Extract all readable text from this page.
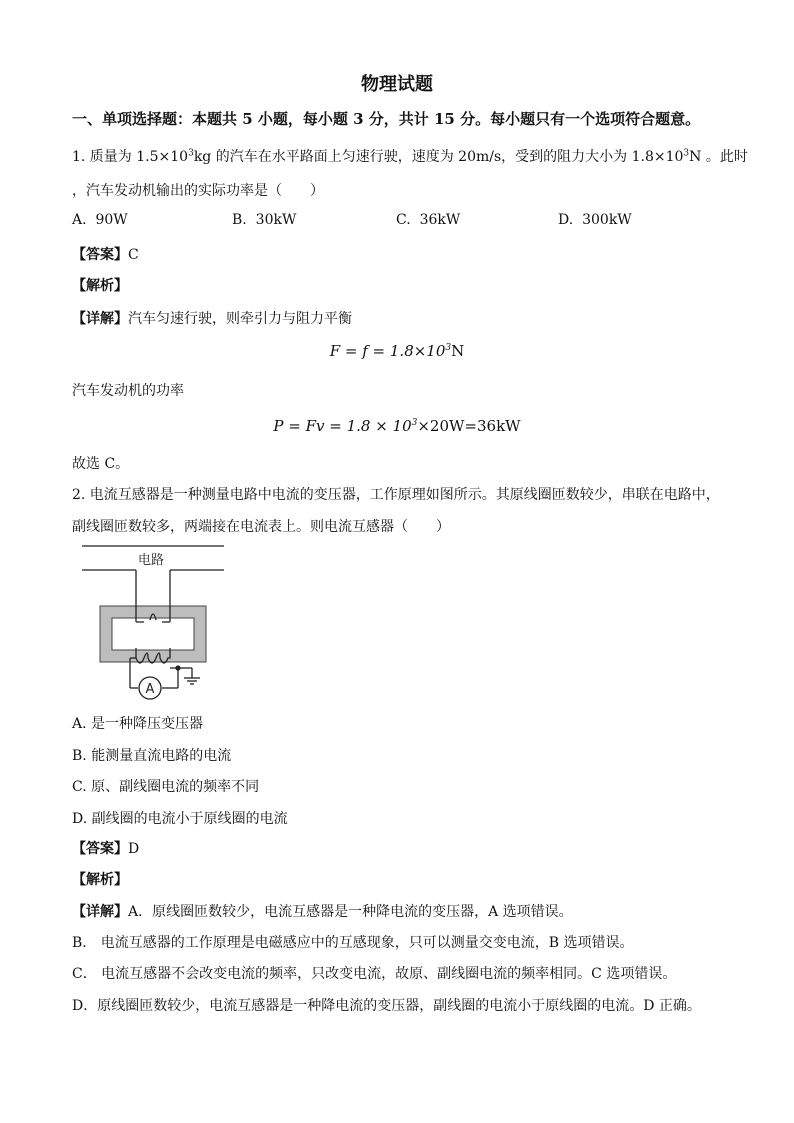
物理试题
一、单项选择题：本题共 5 小题，每小题 3 分，共计 15 分。每小题只有一个选项符合题意。
1. 质量为 $1.5\times 10^3kg$ 的汽车在水平路面上匀速行驶，速度为 20m/s，受到的阻力大小为 $1.8\times 10^3N$ 。此时
，汽车发动机输出的实际功率是（　　）
A. 90W	B. 30kW	C. 36kW	D. 300kW
【答案】C
【解析】
【详解】汽车匀速行驶，则牵引力与阻力平衡
$F = f = 1.8\times 10^3N$
汽车发动机的功率
$P = Fv = 1.8 \times 10^3\times 20W=36kW$
故选 C。
2. 电流互感器是一种测量电路中电流的变压器，工作原理如图所示。其原线圈匝数较少，串联在电路中，
副线圈匝数较多，两端接在电流表上。则电流互感器（　　）
电路
A
A. 是一种降压变压器
B. 能测量直流电路的电流
C. 原、副线圈电流的频率不同
D. 副线圈的电流小于原线圈的电流
【答案】D
【解析】
【详解】A．原线圈匝数较少，电流互感器是一种降电流的变压器，A 选项错误。
B． 电流互感器的工作原理是电磁感应中的互感现象，只可以测量交变电流，B 选项错误。
C． 电流互感器不会改变电流的频率，只改变电流，故原、副线圈电流的频率相同。C 选项错误。
D．原线圈匝数较少，电流互感器是一种降电流的变压器，副线圈的电流小于原线圈的电流。D 正确。
